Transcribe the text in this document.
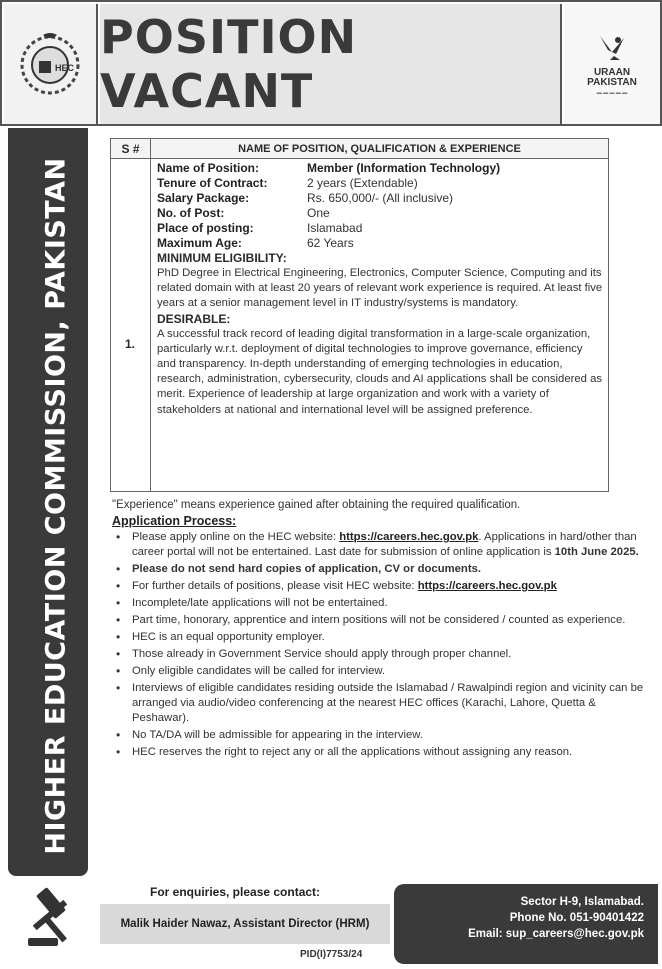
HEC
POSITION VACANT	URAAN
PAKISTAN
▬ ▬ ▬ ▬ ▬
HIGHER EDUCATION COMMISSION, PAKISTAN
S #	NAME OF POSITION, QUALIFICATION & EXPERIENCE
1.
Name of Position:	Member (Information Technology)
Tenure of Contract:	2 years (Extendable)
Salary Package:	Rs. 650,000/- (All inclusive)
No. of Post:	One
Place of posting:	Islamabad
Maximum Age:	62 Years
MINIMUM ELIGIBILITY:
PhD Degree in Electrical Engineering, Electronics, Computer Science, Computing and its related domain with at least 20 years of relevant work experience is required. At least five years at a senior management level in IT industry/systems is mandatory.
DESIRABLE:
A successful track record of leading digital transformation in a large-scale organization, particularly w.r.t. deployment of digital technologies to improve governance, efficiency and transparency. In-depth understanding of emerging technologies in education, research, administration, cybersecurity, clouds and AI applications shall be considered as merit. Experience of leadership at large organization and work with a variety of stakeholders at national and international level will be assigned preference.
"Experience" means experience gained after obtaining the required qualification.
Application Process:
•	Please apply online on the HEC website: https://careers.hec.gov.pk. Applications in hard/other than career portal will not be entertained. Last date for submission of online application is 10th June 2025.
•	Please do not send hard copies of application, CV or documents.
•	For further details of positions, please visit HEC website: https://careers.hec.gov.pk
•	Incomplete/late applications will not be entertained.
•	Part time, honorary, apprentice and intern positions will not be considered / counted as experience.
•	HEC is an equal opportunity employer.
•	Those already in Government Service should apply through proper channel.
•	Only eligible candidates will be called for interview.
•	Interviews of eligible candidates residing outside the Islamabad / Rawalpindi region and vicinity can be arranged via audio/video conferencing at the nearest HEC offices (Karachi, Lahore, Quetta & Peshawar).
•	No TA/DA will be admissible for appearing in the interview.
•	HEC reserves the right to reject any or all the applications without assigning any reason.
For enquiries, please contact:
Malik Haider Nawaz, Assistant Director (HRM)
Sector H-9, Islamabad.
Phone No. 051-90401422
Email: sup_careers@hec.gov.pk
PID(I)7753/24
